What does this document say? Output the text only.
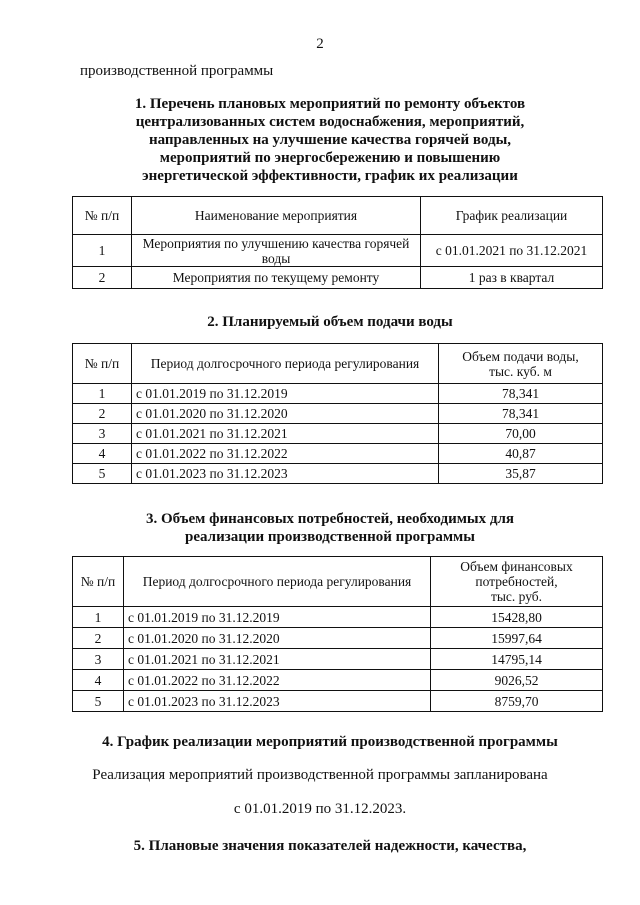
2
производственной программы
1. Перечень плановых мероприятий по ремонту объектов
централизованных систем водоснабжения, мероприятий,
направленных на улучшение качества горячей воды,
мероприятий по энергосбережению и повышению
энергетической эффективности, график их реализации
№ п/п	Наименование мероприятия	График реализации
1	Мероприятия по улучшению качества горячей
воды	с 01.01.2021 по 31.12.2021
2	Мероприятия по текущему ремонту	1 раз в квартал
2. Планируемый объем подачи воды
№ п/п	Период долгосрочного периода регулирования	Объем подачи воды,
тыс. куб. м

1	с 01.01.2019 по 31.12.2019	78,341
2	с 01.01.2020 по 31.12.2020	78,341
3	с 01.01.2021 по 31.12.2021	70,00
4	с 01.01.2022 по 31.12.2022	40,87
5	с 01.01.2023 по 31.12.2023	35,87
3. Объем финансовых потребностей, необходимых для
реализации производственной программы
№ п/п	Период долгосрочного периода регулирования	Объем финансовых
потребностей,
тыс. руб.

1	с 01.01.2019 по 31.12.2019	15428,80
2	с 01.01.2020 по 31.12.2020	15997,64
3	с 01.01.2021 по 31.12.2021	14795,14
4	с 01.01.2022 по 31.12.2022	9026,52
5	с 01.01.2023 по 31.12.2023	8759,70
4. График реализации мероприятий производственной программы
Реализация мероприятий производственной программы запланирована
с 01.01.2019 по 31.12.2023.
5. Плановые значения показателей надежности, качества,
